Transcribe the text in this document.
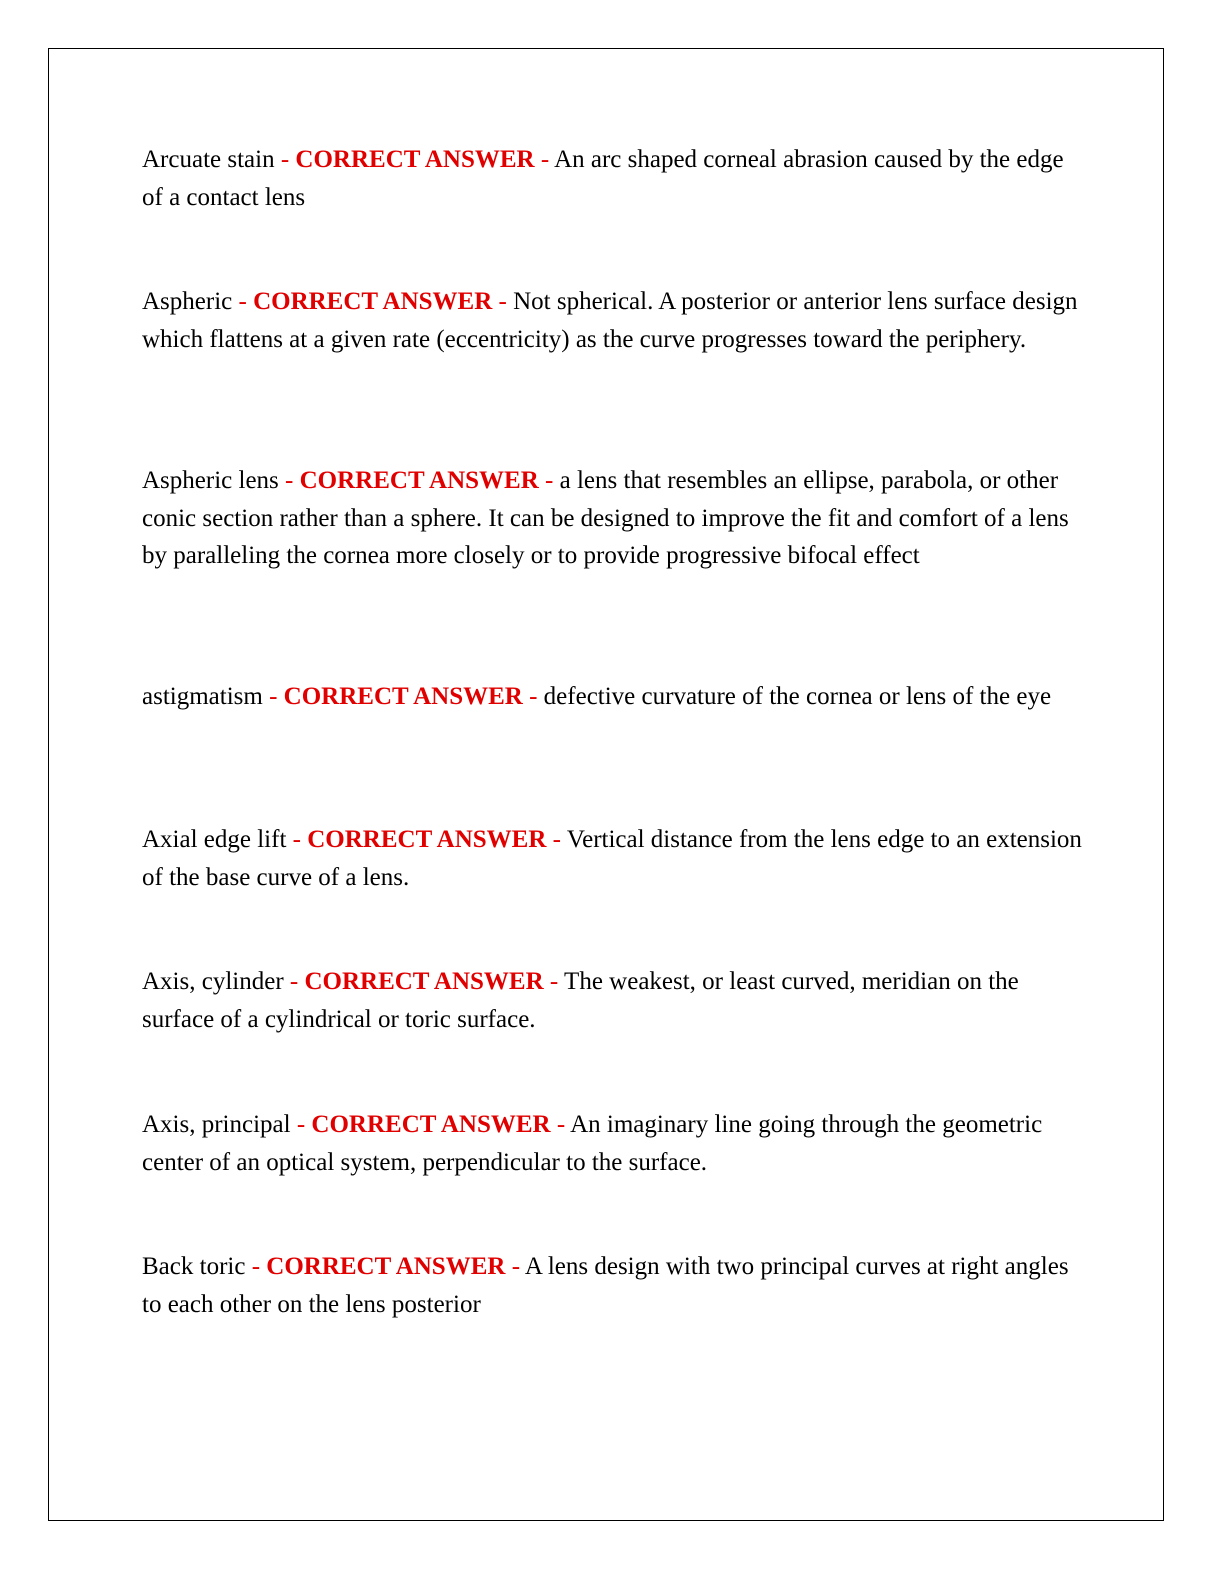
Arcuate stain - CORRECT ANSWER - An arc shaped corneal abrasion caused by the edge of a contact lens

Aspheric - CORRECT ANSWER - Not spherical. A posterior or anterior lens surface design which flattens at a given rate (eccentricity) as the curve progresses toward the periphery.

Aspheric lens - CORRECT ANSWER - a lens that resembles an ellipse, parabola, or other conic section rather than a sphere. It can be designed to improve the fit and comfort of a lens by paralleling the cornea more closely or to provide progressive bifocal effect

astigmatism - CORRECT ANSWER - defective curvature of the cornea or lens of the eye

Axial edge lift - CORRECT ANSWER - Vertical distance from the lens edge to an extension of the base curve of a lens.

Axis, cylinder - CORRECT ANSWER - The weakest, or least curved, meridian on the surface of a cylindrical or toric surface.

Axis, principal - CORRECT ANSWER - An imaginary line going through the geometric center of an optical system, perpendicular to the surface.

Back toric - CORRECT ANSWER - A lens design with two principal curves at right angles to each other on the lens posterior
